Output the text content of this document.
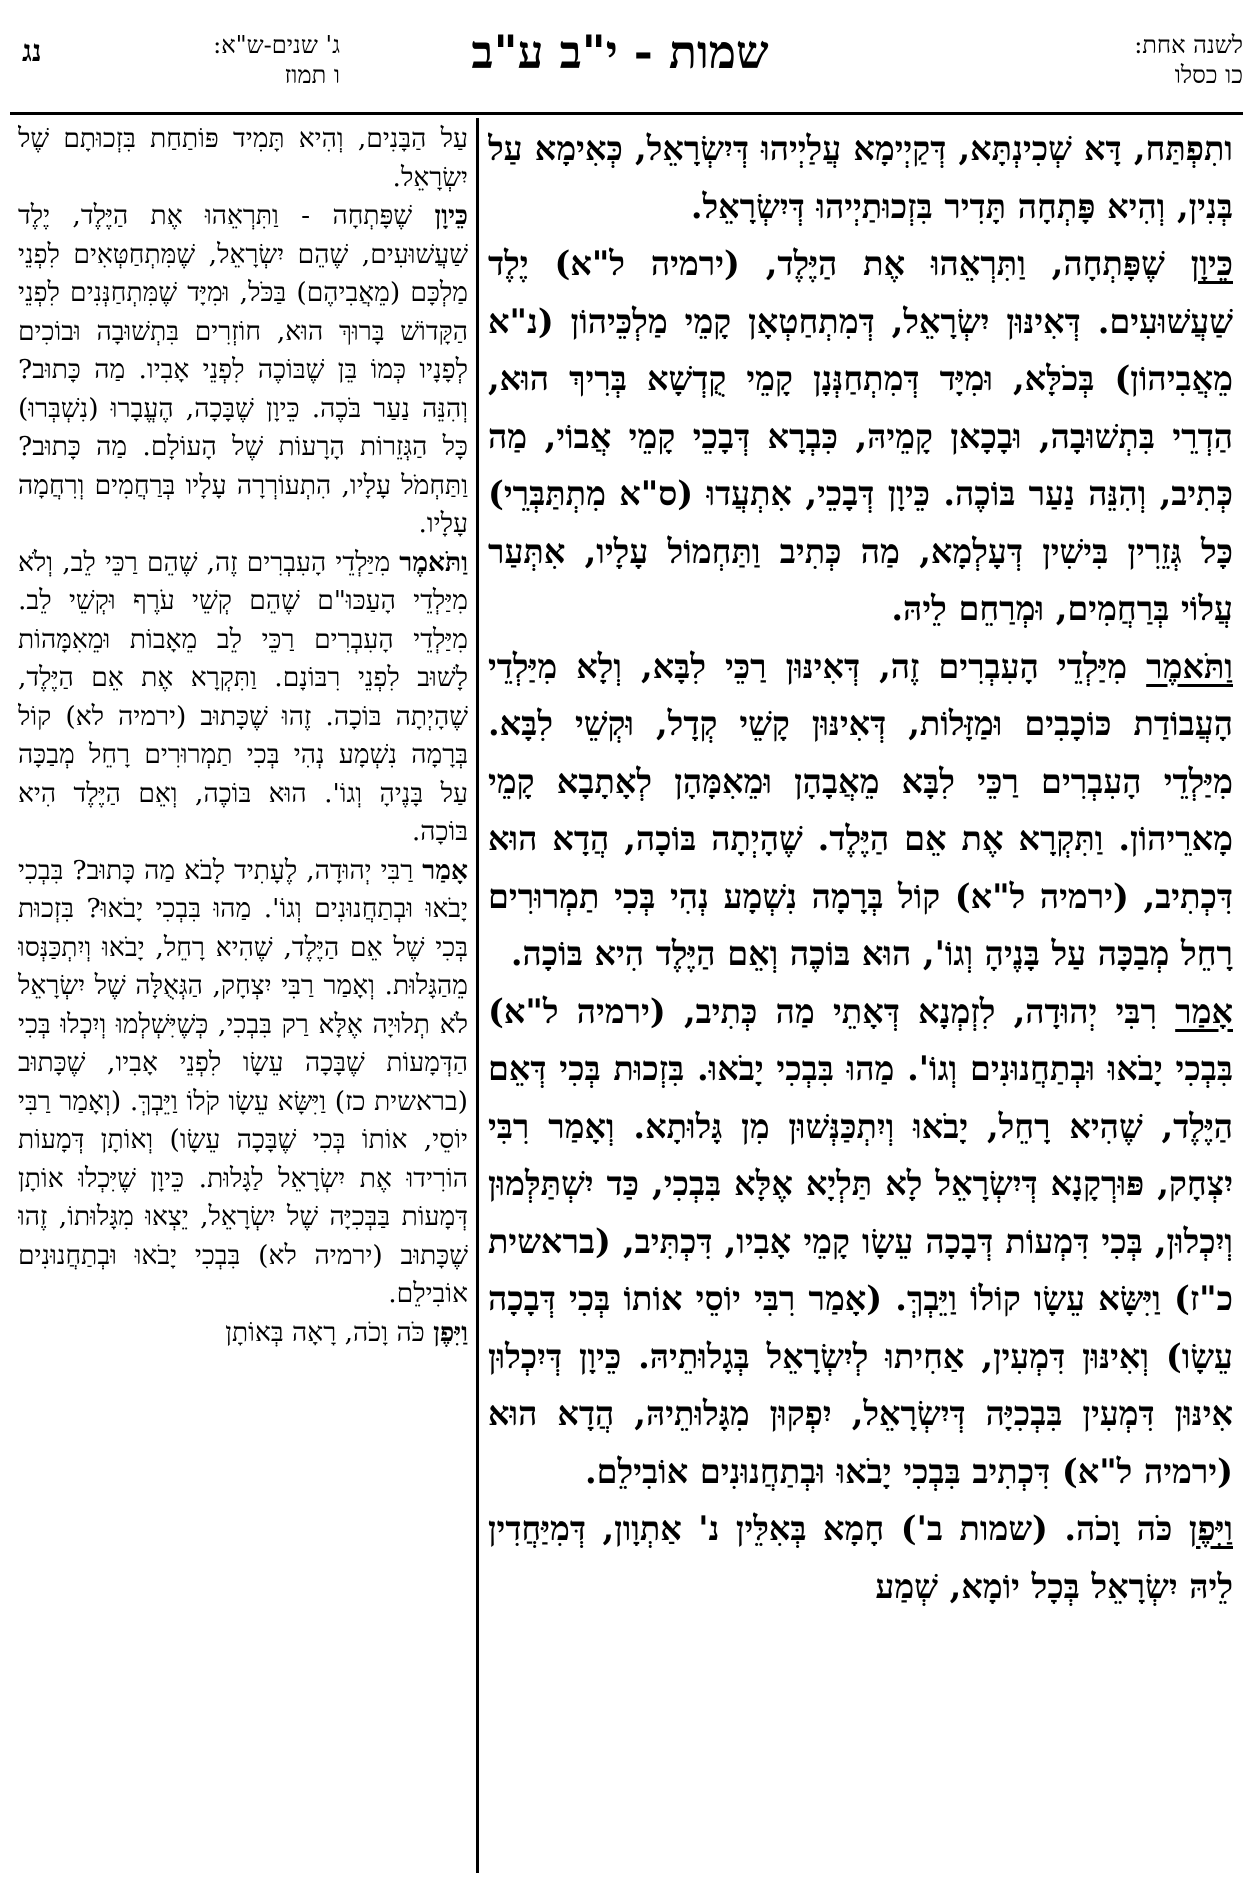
לשנה אחת:
כו כסלו
שמות - י"ב ע"ב
ג' שנים-ש"א:
ו תמוז
נג

ותִפְתַּח, דָּא שְׁכִינְתָּא, דְּקַיְימָא עֲלַיְיהוּ דְּיִשְׂרָאֵל, כְּאִימָא עַל בְּנִין, וְהִיא פָּתְחָה תָּדִיר בִּזְכוּתַיְיהוּ דְּיִשְׂרָאֵל.

כֵּיוָן שֶׁפָּתְחָה, וַתִּרְאֵהוּ אֶת הַיֶּלֶד, (ירמיה ל"א) יֶלֶד שַׁעֲשׁוּעִים. דְּאִינּוּן יִשְׂרָאֵל, דְּמִתְחַטְאָן קָמֵי מַלְכֵּיהוֹן (נ"א מֵאֲבִיהוֹן) בְּכֹלָּא, וּמִיָּד דְּמִתְחַנְּנָן קָמֵי קֻדְשָׁא בְּרִיךְ הוּא, הַדְרֵי בִּתְשׁוּבָה, וּבָכָאן קָמֵיהּ, כִּבְרָא דְּבָכֵי קָמֵי אֲבוֹי, מַה כְּתִיב, וְהִנֵּה נַעַר בּוֹכֶה. כֵּיוָן דְּבָכֵי, אִתְעֲדוּ (ס"א מִתְתַּבְּרֵי) כָּל גְּזֵרִין בִּישִׁין דְּעָלְמָא, מַה כְּתִיב וַתַּחְמוֹל עָלָיו, אִתְּעַר עֲלוֹי בְּרַחֲמִים, וּמְרַחֵם לֵיהּ.

וַתֹּאמֶר מִיַּלְדֵי הָעִבְרִים זֶה, דְּאִינּוּן רַכֵּי לִבָּא, וְלָא מִיַּלְדֵי הָעֲבוֹדַת כּוֹכָבִים וּמַזָּלוֹת, דְּאִינּוּן קָשֵׁי קְדָל, וּקְשֵׁי לִבָּא. מִיַּלְדֵי הָעִבְרִים רַכֵּי לִבָּא מֵאֲבָהָן וּמֵאִמָּהָן לְאָתָבָא קָמֵי מָארֵיהוֹן. וַתִּקְרָא אֶת אֵם הַיֶּלֶד. שֶׁהָיְתָה בּוֹכָה, הֲדָא הוּא דִּכְתִיב, (ירמיה ל"א) קוֹל בְּרָמָה נִשְׁמָע נְהִי בְּכִי תַמְרוּרִים רָחֵל מְבַכָּה עַל בָּנֶיהָ וְגוֹ', הוּא בּוֹכֶה וְאֵם הַיֶּלֶד הִיא בּוֹכָה.

אָמַר רִבִּי יְהוּדָה, לִזְמְנָא דְּאָתֵי מַה כְּתִיב, (ירמיה ל"א) בִּבְכִי יָבֹאוּ וּבְתַחֲנוּנִים וְגוֹ'. מַהוּ בִּבְכִי יָבֹאוּ. בִּזְכוּת בְּכִי דְּאֵם הַיֶּלֶד, שֶׁהִיא רָחֵל, יָבֹאוּ וְיִתְכַּנְּשׁוּן מִן גָּלוּתָא. וְאָמַר רִבִּי יִצְחָק, פּוּרְקָנָא דְּיִשְׂרָאֵל לָא תַּלְיָא אֶלָּא בִּבְכִי, כַּד יִשְׁתַּלְּמוּן וְיִכְלוּן, בְּכִי דִּמְעוֹת דְּבָכָה עֵשָׂו קָמֵי אָבִיו, דִּכְתִּיב, (בראשית כ"ז) וַיִּשָּׂא עֵשָׂו קוֹלוֹ וַיֵּבְךְּ. (אָמַר רִבִּי יוֹסֵי אוֹתוֹ בְּכִי דְּבָכָה עֵשָׂו) וְאִינּוּן דִּמְעִין, אַחִיתוּ לְיִשְׂרָאֵל בְּגָלוּתֵיהּ. כֵּיוָן דְּיִכְלוּן אִינּוּן דִּמְעִין בִּבְכִיָּה דְּיִשְׂרָאֵל, יִפְקוּן מִגָּלוּתֵיהּ, הֲדָא הוּא (ירמיה ל"א) דִּכְתִיב בִּבְכִי יָבֹאוּ וּבְתַחֲנוּנִים אוֹבִילֵם.

וַיִּפֶן כֹּה וָכֹה. (שמות ב') חָמָא בְּאִלֵּין נ' אַתְוָון, דְּמִיַּחֲדִין לֵיהּ יִשְׂרָאֵל בְּכָל יוֹמָא, שְׁמַע

עַל הַבָּנִים, וְהִיא תָּמִיד פּוֹתַחַת בִּזְכוּתָם שֶׁל יִשְׂרָאֵל.

כֵּיוָן שֶׁפָּתְחָה - וַתִּרְאֵהוּ אֶת הַיֶּלֶד, יֶלֶד שַׁעֲשׁוּעִים, שֶׁהֵם יִשְׂרָאֵל, שֶׁמִּתְחַטְּאִים לִפְנֵי מַלְכָּם (מֵאֲבִיהֶם) בַּכֹּל, וּמִיָּד שֶׁמִּתְחַנְּנִים לִפְנֵי הַקָּדוֹשׁ בָּרוּךְ הוּא, חוֹזְרִים בִּתְשׁוּבָה וּבוֹכִים לְפָנָיו כְּמוֹ בֵּן שֶׁבּוֹכֶה לִפְנֵי אָבִיו. מַה כָּתוּב? וְהִנֵּה נַעַר בֹּכֶה. כֵּיוָן שֶׁבָּכָה, הֶעֱבָרוּ (נִשְׁבְּרוּ) כָּל הַגְּזֵרוֹת הָרָעוֹת שֶׁל הָעוֹלָם. מַה כָּתוּב? וַתַּחְמֹל עָלָיו, הִתְעוֹרְרָה עָלָיו בְּרַחֲמִים וְרִחֲמָה עָלָיו.

וַתֹּאמֶר מִיַּלְדֵי הָעִבְרִים זֶה, שֶׁהֵם רַכֵּי לֵב, וְלֹא מִיַּלְדֵי הָעַכּוּ"ם שֶׁהֵם קְשֵׁי עֹרֶף וּקְשֵׁי לֵב. מִיַּלְדֵי הָעִבְרִים רַכֵּי לֵב מֵאָבוֹת וּמֵאִמָּהוֹת לָשׁוּב לִפְנֵי רִבּוֹנָם. וַתִּקְרָא אֶת אֵם הַיֶּלֶד, שֶׁהָיְתָה בּוֹכָה. זֶהוּ שֶׁכָּתוּב (ירמיה לא) קוֹל בְּרָמָה נִשְׁמָע נְהִי בְּכִי תַמְרוּרִים רָחֵל מְבַכָּה עַל בָּנֶיהָ וְגוֹ'. הוּא בּוֹכֶה, וְאֵם הַיֶּלֶד הִיא בּוֹכָה.

אָמַר רַבִּי יְהוּדָה, לֶעָתִיד לָבֹא מַה כָּתוּב? בִּבְכִי יָבֹאוּ וּבְתַחֲנוּנִים וְגוֹ'. מַהוּ בִּבְכִי יָבֹאוּ? בִּזְכוּת בְּכִי שֶׁל אֵם הַיֶּלֶד, שֶׁהִיא רָחֵל, יָבֹאוּ וְיִתְכַּנְּסוּ מֵהַגָּלוּת. וְאָמַר רַבִּי יִצְחָק, הַגְּאֻלָּה שֶׁל יִשְׂרָאֵל לֹא תְלוּיָה אֶלָּא רַק בִּבְכִי, כְּשֶׁיִּשְׁלְמוּ וְיִכְלוּ בְּכִי הַדְּמָעוֹת שֶׁבָּכָה עֵשָׂו לִפְנֵי אָבִיו, שֶׁכָּתוּב (בראשית כז) וַיִּשָּׂא עֵשָׂו קֹלוֹ וַיֵּבְךְּ. (וְאָמַר רַבִּי יוֹסֵי, אוֹתוֹ בְּכִי שֶׁבָּכָה עֵשָׂו) וְאוֹתָן דְּמָעוֹת הוֹרִידוּ אֶת יִשְׂרָאֵל לַגָּלוּת. כֵּיוָן שֶׁיִּכְלוּ אוֹתָן דְּמָעוֹת בַּבְּכִיָּה שֶׁל יִשְׂרָאֵל, יֵצְאוּ מִגָּלוּתוֹ, זֶהוּ שֶׁכָּתוּב (ירמיה לא) בִּבְכִי יָבֹאוּ וּבְתַחֲנוּנִים אוֹבִילֵם.

וַיִּפֶן כֹּה וָכֹה, רָאָה בְּאוֹתָן
